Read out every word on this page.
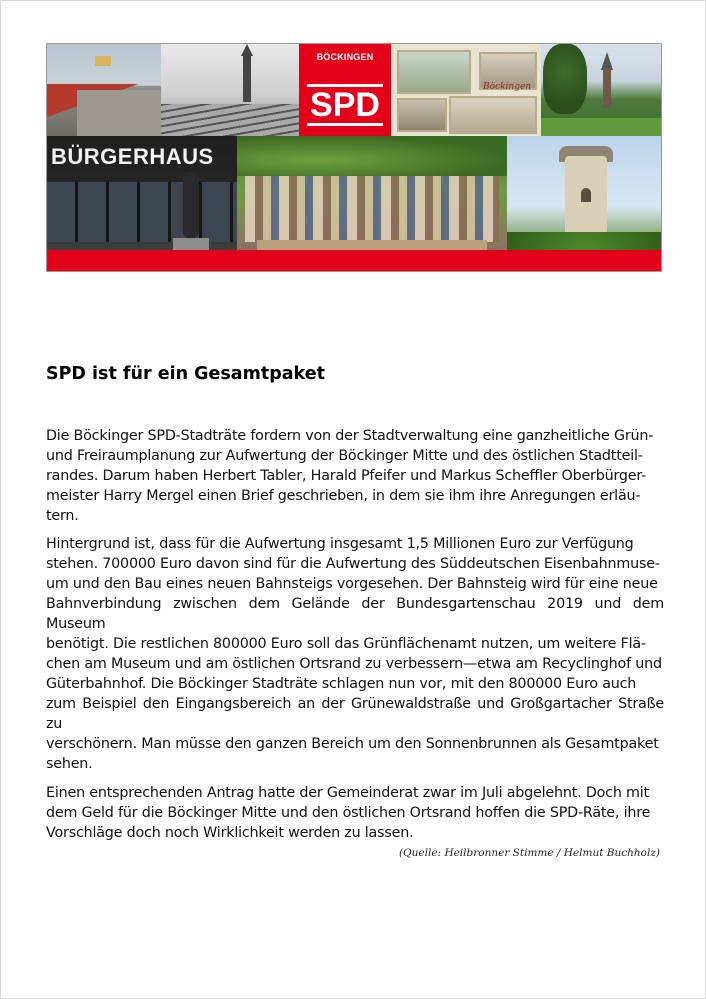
BÖCKINGEN
SPD	Böckingen
BÜRGERHAUS
SPD ist für ein Gesamtpaket

Die Böckinger SPD-Stadträte fordern von der Stadtverwaltung eine ganzheitliche Grün-
und Freiraumplanung zur Aufwertung der Böckinger Mitte und des östlichen Stadtteil-
randes. Darum haben Herbert Tabler, Harald Pfeifer und Markus Scheffler Oberbürger-
meister Harry Mergel einen Brief geschrieben, in dem sie ihm ihre Anregungen erläu-
tern.

Hintergrund ist, dass für die Aufwertung insgesamt 1,5 Millionen Euro zur Verfügung
stehen. 700000 Euro davon sind für die Aufwertung des Süddeutschen Eisenbahnmuse-
um und den Bau eines neuen Bahnsteigs vorgesehen. Der Bahnsteig wird für eine neue
Bahnverbindung zwischen dem Gelände der Bundesgartenschau 2019 und dem Museum
benötigt. Die restlichen 800000 Euro soll das Grünflächenamt nutzen, um weitere Flä-
chen am Museum und am östlichen Ortsrand zu verbessern—etwa am Recyclinghof und
Güterbahnhof. Die Böckinger Stadträte schlagen nun vor, mit den 800000 Euro auch
zum Beispiel den Eingangsbereich an der Grünewaldstraße und Großgartacher Straße zu
verschönern. Man müsse den ganzen Bereich um den Sonnenbrunnen als Gesamtpaket
sehen.

Einen entsprechenden Antrag hatte der Gemeinderat zwar im Juli abgelehnt. Doch mit
dem Geld für die Böckinger Mitte und den östlichen Ortsrand hoffen die SPD-Räte, ihre
Vorschläge doch noch Wirklichkeit werden zu lassen.

(Quelle: Heilbronner Stimme / Helmut Buchholz)
